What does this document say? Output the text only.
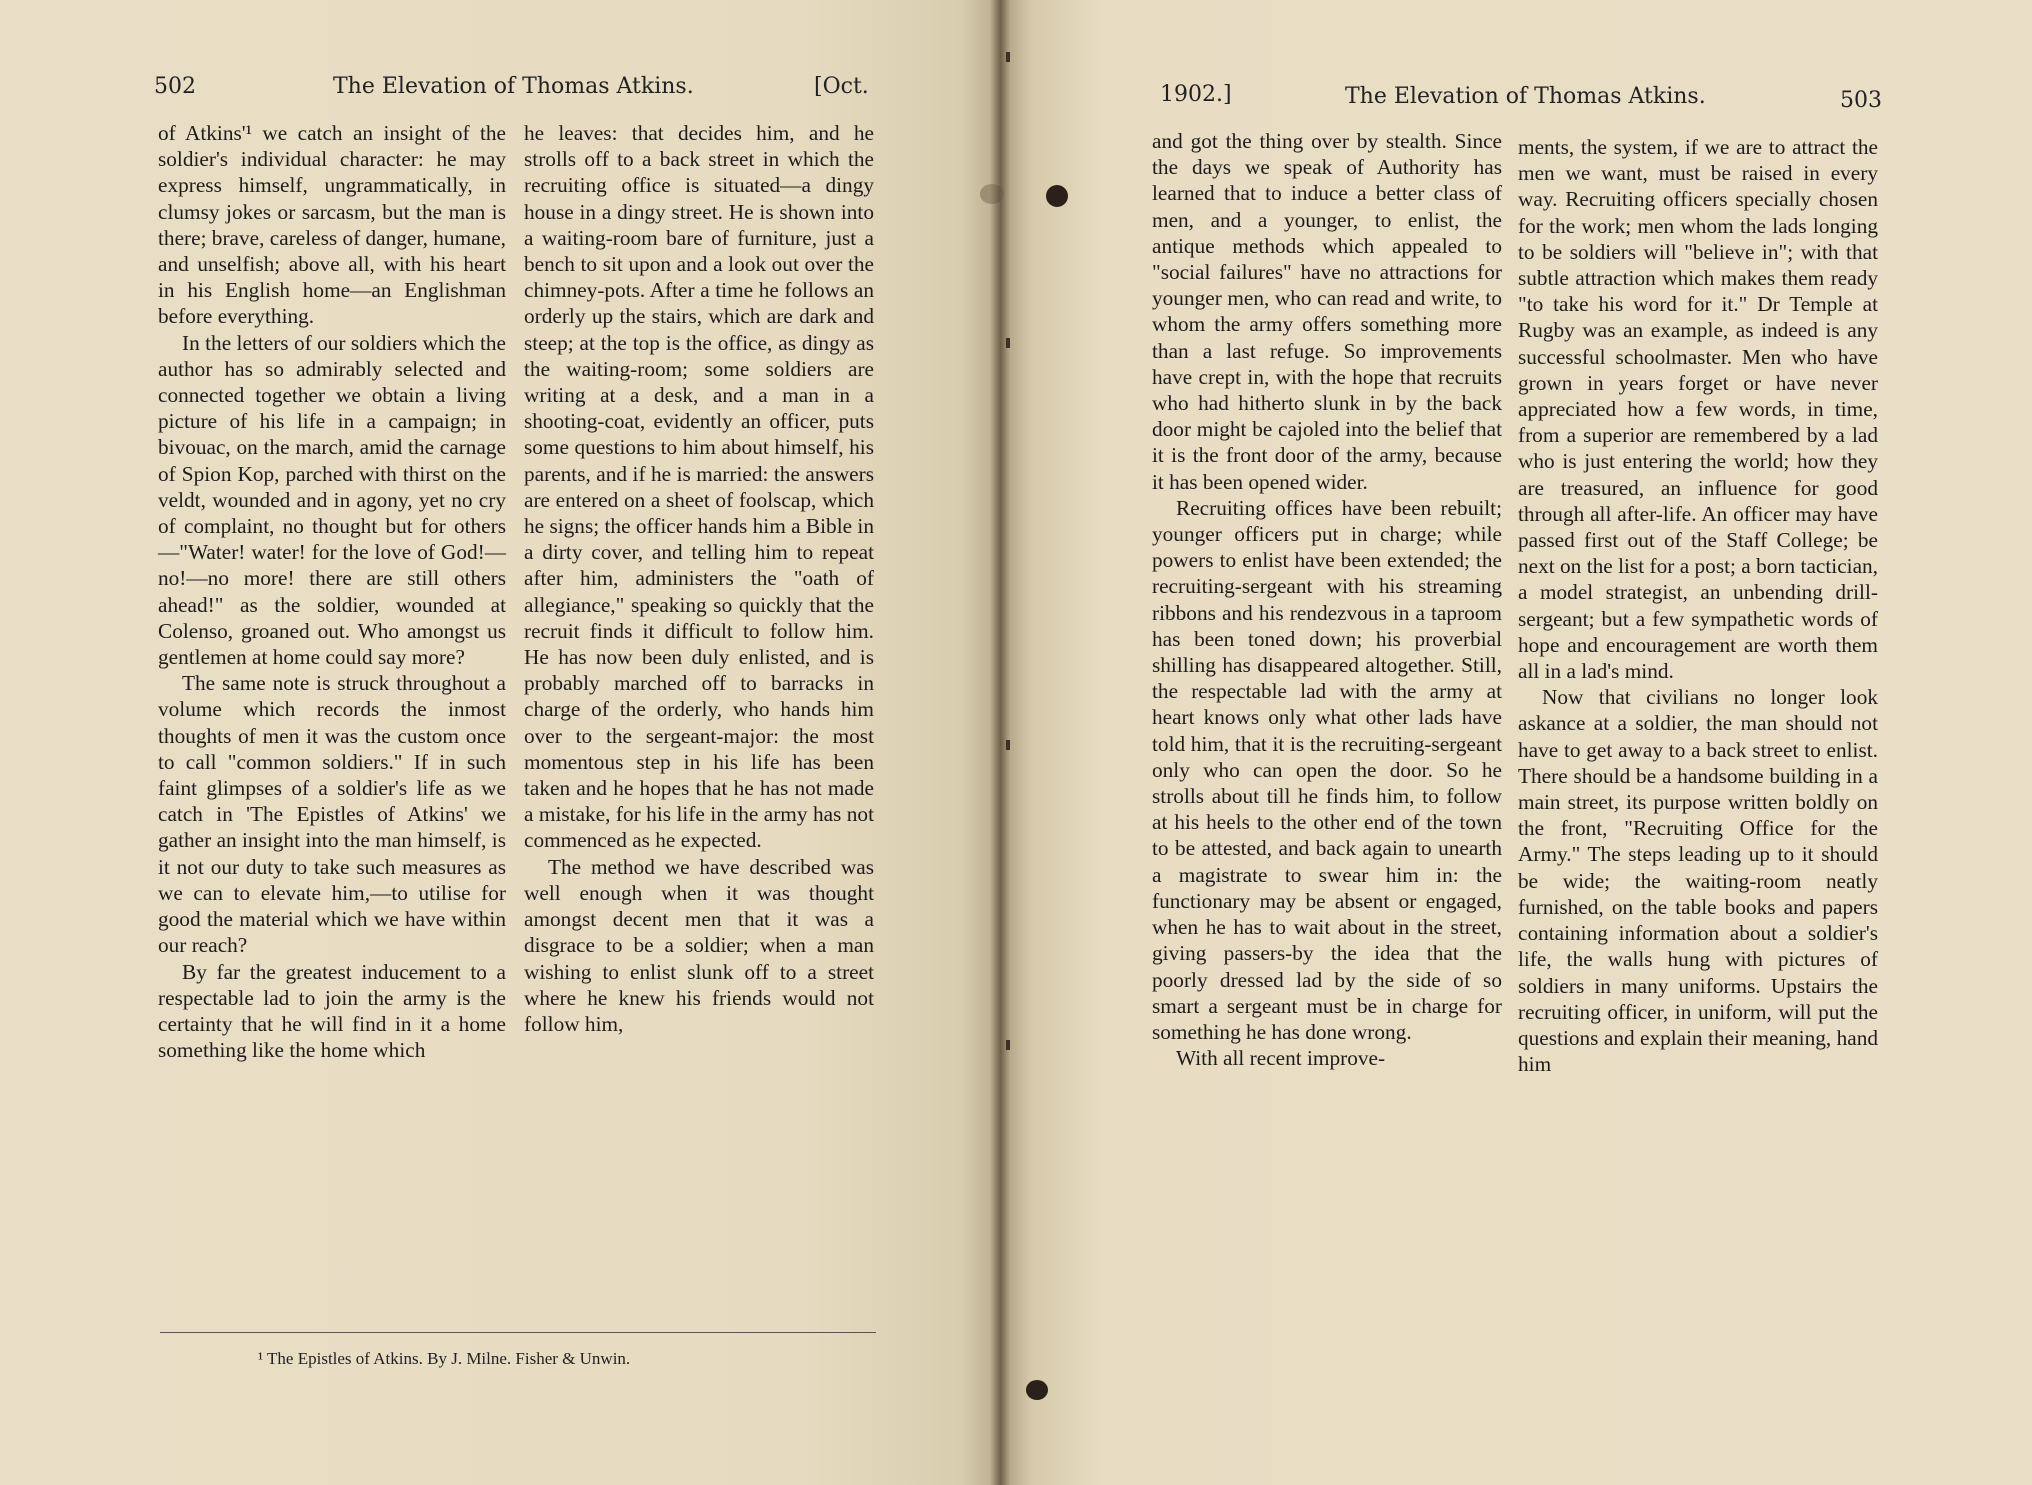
502	The Elevation of Thomas Atkins.	[Oct.

of Atkins'¹ we catch an insight of the soldier's individual character: he may express himself, ungrammatically, in clumsy jokes or sarcasm, but the man is there; brave, careless of danger, humane, and unselfish; above all, with his heart in his English home—an Englishman before everything.

In the letters of our soldiers which the author has so admirably selected and connected together we obtain a living picture of his life in a campaign; in bivouac, on the march, amid the carnage of Spion Kop, parched with thirst on the veldt, wounded and in agony, yet no cry of complaint, no thought but for others—"Water! water! for the love of God!—no!—no more! there are still others ahead!" as the soldier, wounded at Colenso, groaned out. Who amongst us gentlemen at home could say more?

The same note is struck throughout a volume which records the inmost thoughts of men it was the custom once to call "common soldiers." If in such faint glimpses of a soldier's life as we catch in 'The Epistles of Atkins' we gather an insight into the man himself, is it not our duty to take such measures as we can to elevate him,—to utilise for good the material which we have within our reach?

By far the greatest inducement to a respectable lad to join the army is the certainty that he will find in it a home something like the home which

he leaves: that decides him, and he strolls off to a back street in which the recruiting office is situated—a dingy house in a dingy street. He is shown into a waiting-room bare of furniture, just a bench to sit upon and a look out over the chimney-pots. After a time he follows an orderly up the stairs, which are dark and steep; at the top is the office, as dingy as the waiting-room; some soldiers are writing at a desk, and a man in a shooting-coat, evidently an officer, puts some questions to him about himself, his parents, and if he is married: the answers are entered on a sheet of foolscap, which he signs; the officer hands him a Bible in a dirty cover, and telling him to repeat after him, administers the "oath of allegiance," speaking so quickly that the recruit finds it difficult to follow him. He has now been duly enlisted, and is probably marched off to barracks in charge of the orderly, who hands him over to the sergeant-major: the most momentous step in his life has been taken and he hopes that he has not made a mistake, for his life in the army has not commenced as he expected.

The method we have described was well enough when it was thought amongst decent men that it was a disgrace to be a soldier; when a man wishing to enlist slunk off to a street where he knew his friends would not follow him,

¹ The Epistles of Atkins. By J. Milne. Fisher & Unwin.
1902.]	The Elevation of Thomas Atkins.	503

and got the thing over by stealth. Since the days we speak of Authority has learned that to induce a better class of men, and a younger, to enlist, the antique methods which appealed to "social failures" have no attractions for younger men, who can read and write, to whom the army offers something more than a last refuge. So improvements have crept in, with the hope that recruits who had hitherto slunk in by the back door might be cajoled into the belief that it is the front door of the army, because it has been opened wider.

Recruiting offices have been rebuilt; younger officers put in charge; while powers to enlist have been extended; the recruiting-sergeant with his streaming ribbons and his rendezvous in a taproom has been toned down; his proverbial shilling has disappeared altogether. Still, the respectable lad with the army at heart knows only what other lads have told him, that it is the recruiting-sergeant only who can open the door. So he strolls about till he finds him, to follow at his heels to the other end of the town to be attested, and back again to unearth a magistrate to swear him in: the functionary may be absent or engaged, when he has to wait about in the street, giving passers-by the idea that the poorly dressed lad by the side of so smart a sergeant must be in charge for something he has done wrong.

With all recent improve-

ments, the system, if we are to attract the men we want, must be raised in every way. Recruiting officers specially chosen for the work; men whom the lads longing to be soldiers will "believe in"; with that subtle attraction which makes them ready "to take his word for it." Dr Temple at Rugby was an example, as indeed is any successful schoolmaster. Men who have grown in years forget or have never appreciated how a few words, in time, from a superior are remembered by a lad who is just entering the world; how they are treasured, an influence for good through all after-life. An officer may have passed first out of the Staff College; be next on the list for a post; a born tactician, a model strategist, an unbending drill-sergeant; but a few sympathetic words of hope and encouragement are worth them all in a lad's mind.

Now that civilians no longer look askance at a soldier, the man should not have to get away to a back street to enlist. There should be a handsome building in a main street, its purpose written boldly on the front, "Recruiting Office for the Army." The steps leading up to it should be wide; the waiting-room neatly furnished, on the table books and papers containing information about a soldier's life, the walls hung with pictures of soldiers in many uniforms. Upstairs the recruiting officer, in uniform, will put the questions and explain their meaning, hand him
